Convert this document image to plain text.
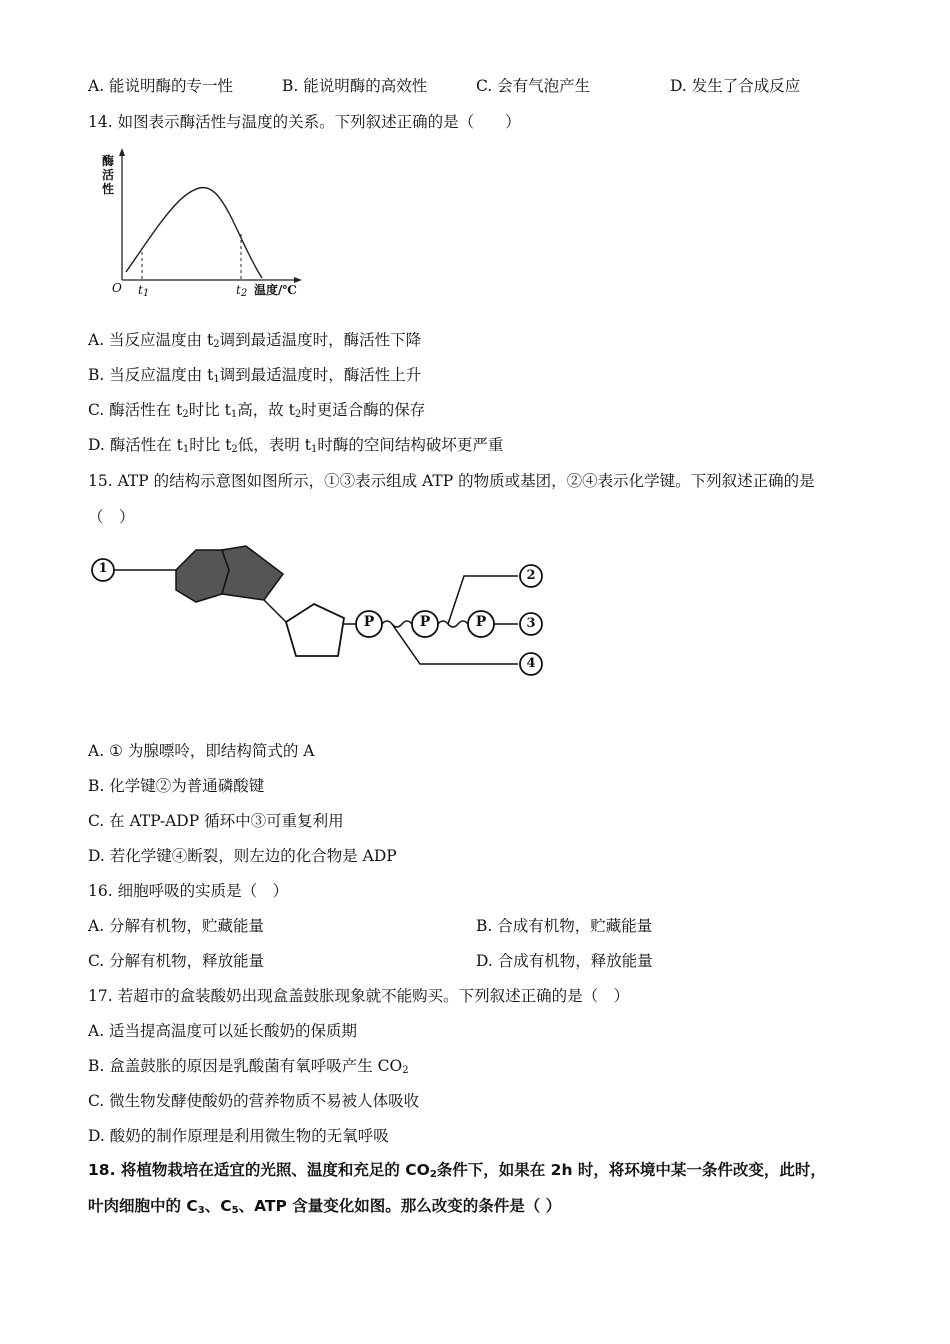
A. 能说明酶的专一性	B. 能说明酶的高效性	C. 会有气泡产生	D. 发生了合成反应
14. 如图表示酶活性与温度的关系。下列叙述正确的是（　　）
酶活性
O $t_1$	$t_2$ 温度/℃
A. 当反应温度由 $t_2$调到最适温度时，酶活性下降
B. 当反应温度由 $t_1$调到最适温度时，酶活性上升
C. 酶活性在 $t_2$时比 $t_1$高，故 $t_2$时更适合酶的保存
D. 酶活性在 $t_1$时比 $t_2$低，表明 $t_1$时酶的空间结构破坏更严重
15. ATP 的结构示意图如图所示，①③表示组成 ATP 的物质或基团，②④表示化学键。下列叙述正确的是
（　）
1
P	P	P
2
3
4
A. ① 为腺嘌呤，即结构简式的 A
B. 化学键②为普通磷酸键
C. 在 ATP-ADP 循环中③可重复利用
D. 若化学键④断裂，则左边的化合物是 ADP
16. 细胞呼吸的实质是（　）
A. 分解有机物，贮藏能量	B. 合成有机物，贮藏能量
C. 分解有机物，释放能量	D. 合成有机物，释放能量
17. 若超市的盒装酸奶出现盒盖鼓胀现象就不能购买。下列叙述正确的是（　）
A. 适当提高温度可以延长酸奶的保质期
B. 盒盖鼓胀的原因是乳酸菌有氧呼吸产生 $CO_2$
C. 微生物发酵使酸奶的营养物质不易被人体吸收
D. 酸奶的制作原理是利用微生物的无氧呼吸
18. 将植物栽培在适宜的光照、温度和充足的 $CO_2$条件下，如果在 2h 时，将环境中某一条件改变，此时，
叶肉细胞中的 $C_3$、$C_5$、ATP 含量变化如图。那么改变的条件是（ ）
